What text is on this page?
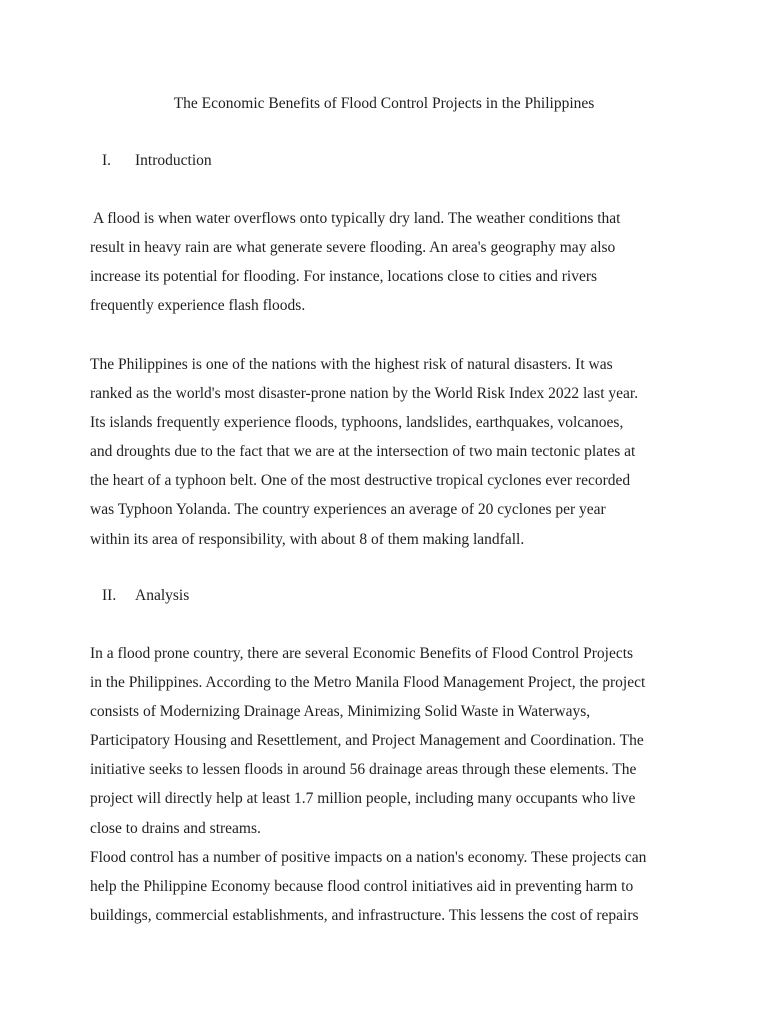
The Economic Benefits of Flood Control Projects in the Philippines
I. Introduction
A flood is when water overflows onto typically dry land. The weather conditions that
result in heavy rain are what generate severe flooding. An area's geography may also
increase its potential for flooding. For instance, locations close to cities and rivers
frequently experience flash floods.
The Philippines is one of the nations with the highest risk of natural disasters. It was
ranked as the world's most disaster-prone nation by the World Risk Index 2022 last year.
Its islands frequently experience floods, typhoons, landslides, earthquakes, volcanoes,
and droughts due to the fact that we are at the intersection of two main tectonic plates at
the heart of a typhoon belt. One of the most destructive tropical cyclones ever recorded
was Typhoon Yolanda. The country experiences an average of 20 cyclones per year
within its area of responsibility, with about 8 of them making landfall.
II. Analysis
In a flood prone country, there are several Economic Benefits of Flood Control Projects
in the Philippines. According to the Metro Manila Flood Management Project, the project
consists of Modernizing Drainage Areas, Minimizing Solid Waste in Waterways,
Participatory Housing and Resettlement, and Project Management and Coordination. The
initiative seeks to lessen floods in around 56 drainage areas through these elements. The
project will directly help at least 1.7 million people, including many occupants who live
close to drains and streams.
Flood control has a number of positive impacts on a nation's economy. These projects can
help the Philippine Economy because flood control initiatives aid in preventing harm to
buildings, commercial establishments, and infrastructure. This lessens the cost of repairs
